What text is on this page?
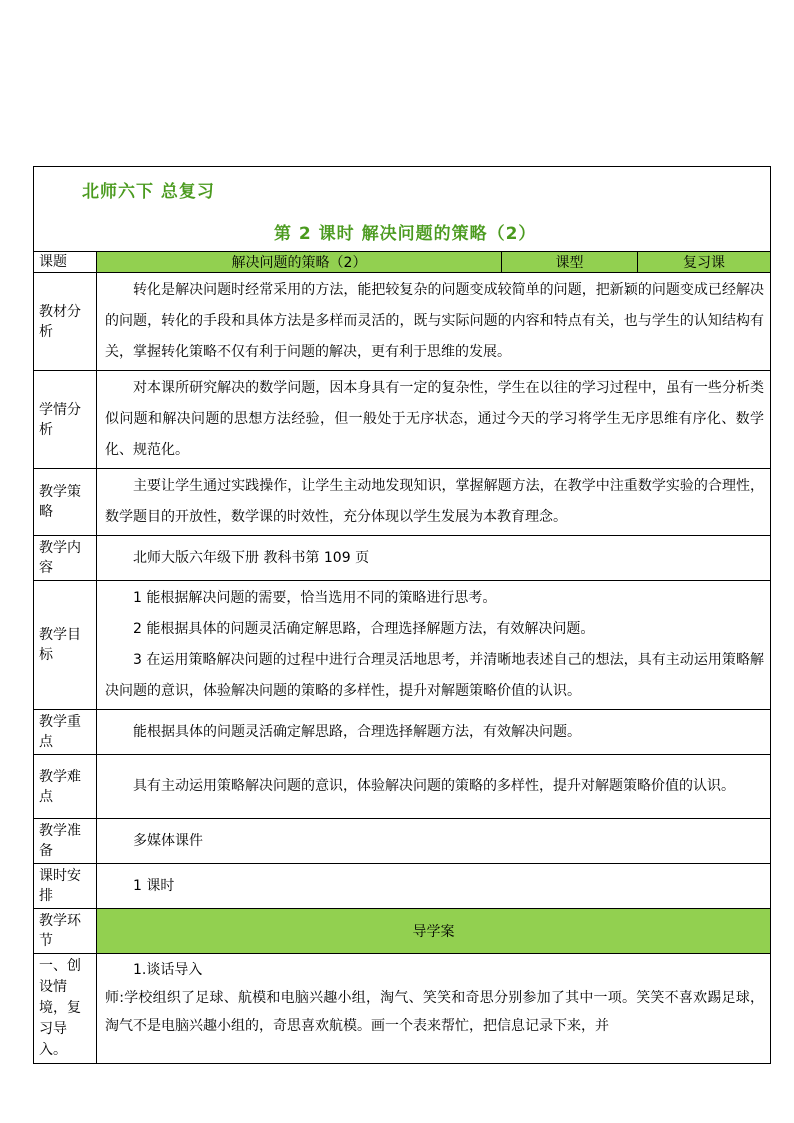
北师六下 总复习
第 2 课时 解决问题的策略（2）			

课题	解决问题的策略（2）	课型	复习课
教材分析	转化是解决问题时经常采用的方法，能把较复杂的问题变成较简单的问题，把新颖的问题变成已经解决的问题，转化的手段和具体方法是多样而灵活的，既与实际问题的内容和特点有关，也与学生的认知结构有关，掌握转化策略不仅有利于问题的解决，更有利于思维的发展。		

学情分析	对本课所研究解决的数学问题，因本身具有一定的复杂性，学生在以往的学习过程中，虽有一些分析类似问题和解决问题的思想方法经验，但一般处于无序状态，通过今天的学习将学生无序思维有序化、数学化、规范化。		

教学策略	主要让学生通过实践操作，让学生主动地发现知识，掌握解题方法，在教学中注重数学实验的合理性，数学题目的开放性，数学课的时效性，充分体现以学生发展为本教育理念。		

教学内容	北师大版六年级下册 教科书第 109 页		

教学目标	1 能根据解决问题的需要，恰当选用不同的策略进行思考。

2 能根据具体的问题灵活确定解思路，合理选择解题方法，有效解决问题。

3 在运用策略解决问题的过程中进行合理灵活地思考，并清晰地表述自己的想法，具有主动运用策略解决问题的意识，体验解决问题的策略的多样性，提升对解题策略价值的认识。		

教学重点	能根据具体的问题灵活确定解思路，合理选择解题方法，有效解决问题。		

教学难点	具有主动运用策略解决问题的意识，体验解决问题的策略的多样性，提升对解题策略价值的认识。		

教学准备	多媒体课件		

课时安排	1 课时		

教学环节	导学案		
一、创设情境，复习导入。	1.谈话导入

师:学校组织了足球、航模和电脑兴趣小组，淘气、笑笑和奇思分别参加了其中一项。笑笑不喜欢踢足球，淘气不是电脑兴趣小组的，奇思喜欢航模。画一个表来帮忙，把信息记录下来，并		
